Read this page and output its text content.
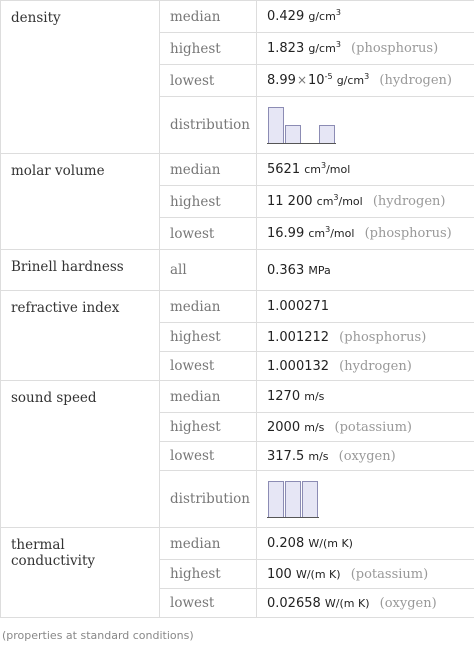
density	median	0.429 $g/cm^3$
	highest	1.823 $g/cm^3$ (phosphorus)
	lowest	$8.99\times 10^{-5}$ $g/cm^3$ (hydrogen)
	distribution	

molar volume	median	5621 $cm^3$/mol
	highest	11 200 $cm^3$/mol (hydrogen)
	lowest	16.99 $cm^3$/mol (phosphorus)
Brinell hardness	all	0.363 MPa
refractive index	median	1.000271
	highest	1.001212 (phosphorus)
	lowest	1.000132 (hydrogen)
sound speed	median	1270 m/s
	highest	2000 m/s (potassium)
	lowest	317.5 m/s (oxygen)
	distribution	

thermal conductivity	median	0.208 W/(m K)
	highest	100 W/(m K) (potassium)
	lowest	0.02658 W/(m K) (oxygen)
(properties at standard conditions)
